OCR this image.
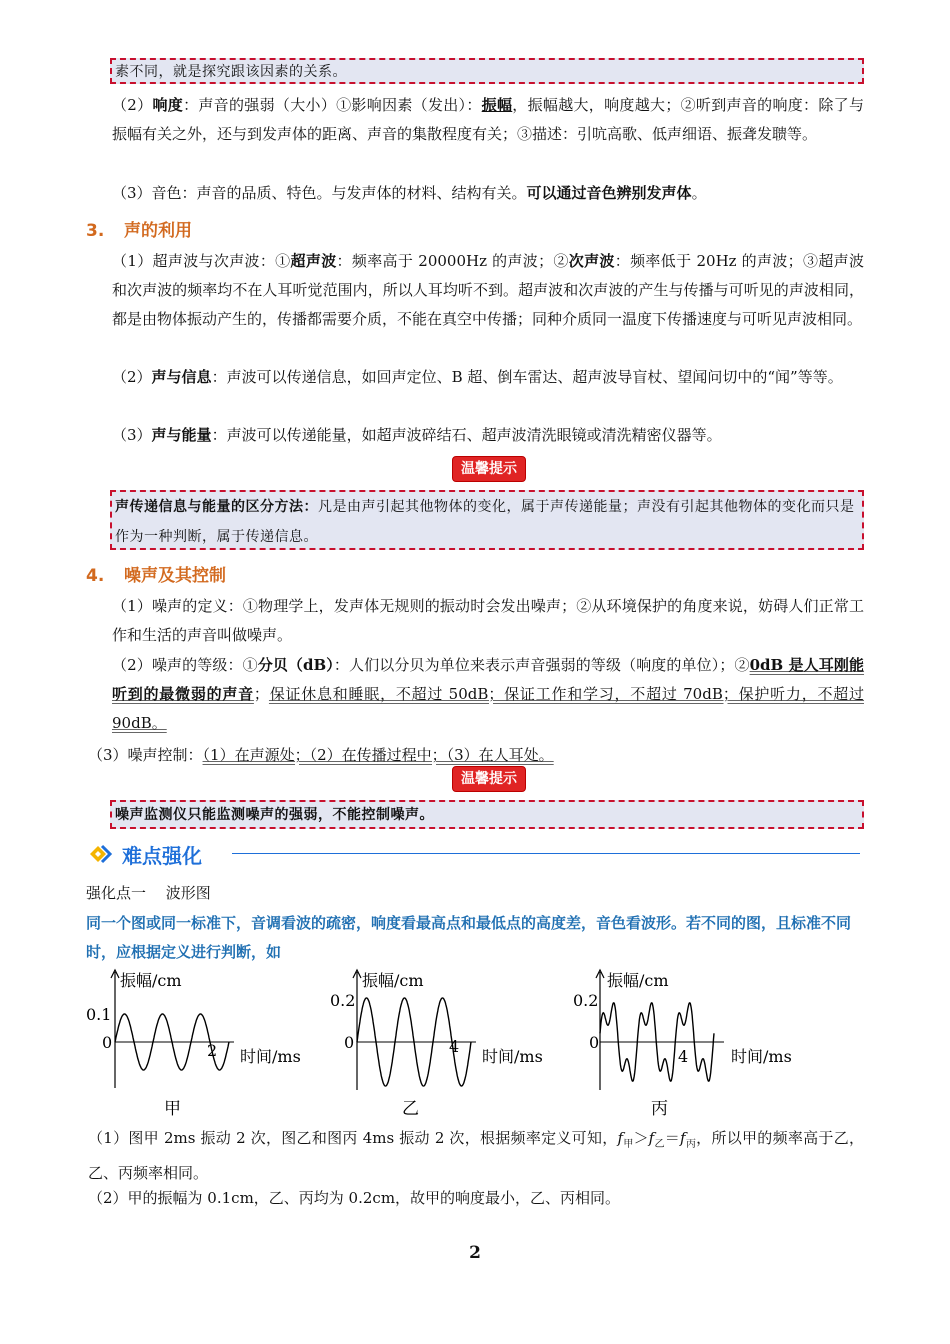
素不同，就是探究跟该因素的关系。
（2）响度：声音的强弱（大小）①影响因素（发出）：振幅，振幅越大，响度越大；②听到声音的响度：除了与振幅有关之外，还与到发声体的距离、声音的集散程度有关；③描述：引吭高歌、低声细语、振聋发聩等。
（3）音色：声音的品质、特色。与发声体的材料、结构有关。可以通过音色辨别发声体。
3. 声的利用
（1）超声波与次声波：①超声波：频率高于 20000Hz 的声波；②次声波：频率低于 20Hz 的声波；③超声波和次声波的频率均不在人耳听觉范围内，所以人耳均听不到。超声波和次声波的产生与传播与可听见的声波相同，都是由物体振动产生的，传播都需要介质，不能在真空中传播；同种介质同一温度下传播速度与可听见声波相同。
（2）声与信息：声波可以传递信息，如回声定位、B 超、倒车雷达、超声波导盲杖、望闻问切中的“闻”等等。
（3）声与能量：声波可以传递能量，如超声波碎结石、超声波清洗眼镜或清洗精密仪器等。
温馨提示
声传递信息与能量的区分方法：凡是由声引起其他物体的变化，属于声传递能量；声没有引起其他物体的变化而只是作为一种判断，属于传递信息。
4. 噪声及其控制
（1）噪声的定义：①物理学上，发声体无规则的振动时会发出噪声；②从环境保护的角度来说，妨碍人们正常工作和生活的声音叫做噪声。
（2）噪声的等级：①分贝（dB）：人们以分贝为单位来表示声音强弱的等级（响度的单位）；②0dB 是人耳刚能听到的最微弱的声音；保证休息和睡眠，不超过 50dB；保证工作和学习，不超过 70dB；保护听力，不超过 90dB。
（3）噪声控制：（1）在声源处；（2）在传播过程中；（3）在人耳处。
温馨提示
噪声监测仪只能监测噪声的强弱，不能控制噪声。
难点强化
强化点一　 波形图
同一个图或同一标准下，音调看波的疏密，响度看最高点和最低点的高度差，音色看波形。若不同的图，且标准不同时，应根据定义进行判断，如
振幅/cm
0.1
0	2 时间/ms
甲
振幅/cm
0.2
0	4
时间/ms
乙
振幅/cm
0.2
0
4	时间/ms
丙
（1）图甲 2ms 振动 2 次，图乙和图丙 4ms 振动 2 次，根据频率定义可知，$f_甲>f_乙=f_丙$，所以甲的频率高于乙，乙、丙频率相同。
（2）甲的振幅为 0.1cm，乙、丙均为 0.2cm，故甲的响度最小，乙、丙相同。
2
